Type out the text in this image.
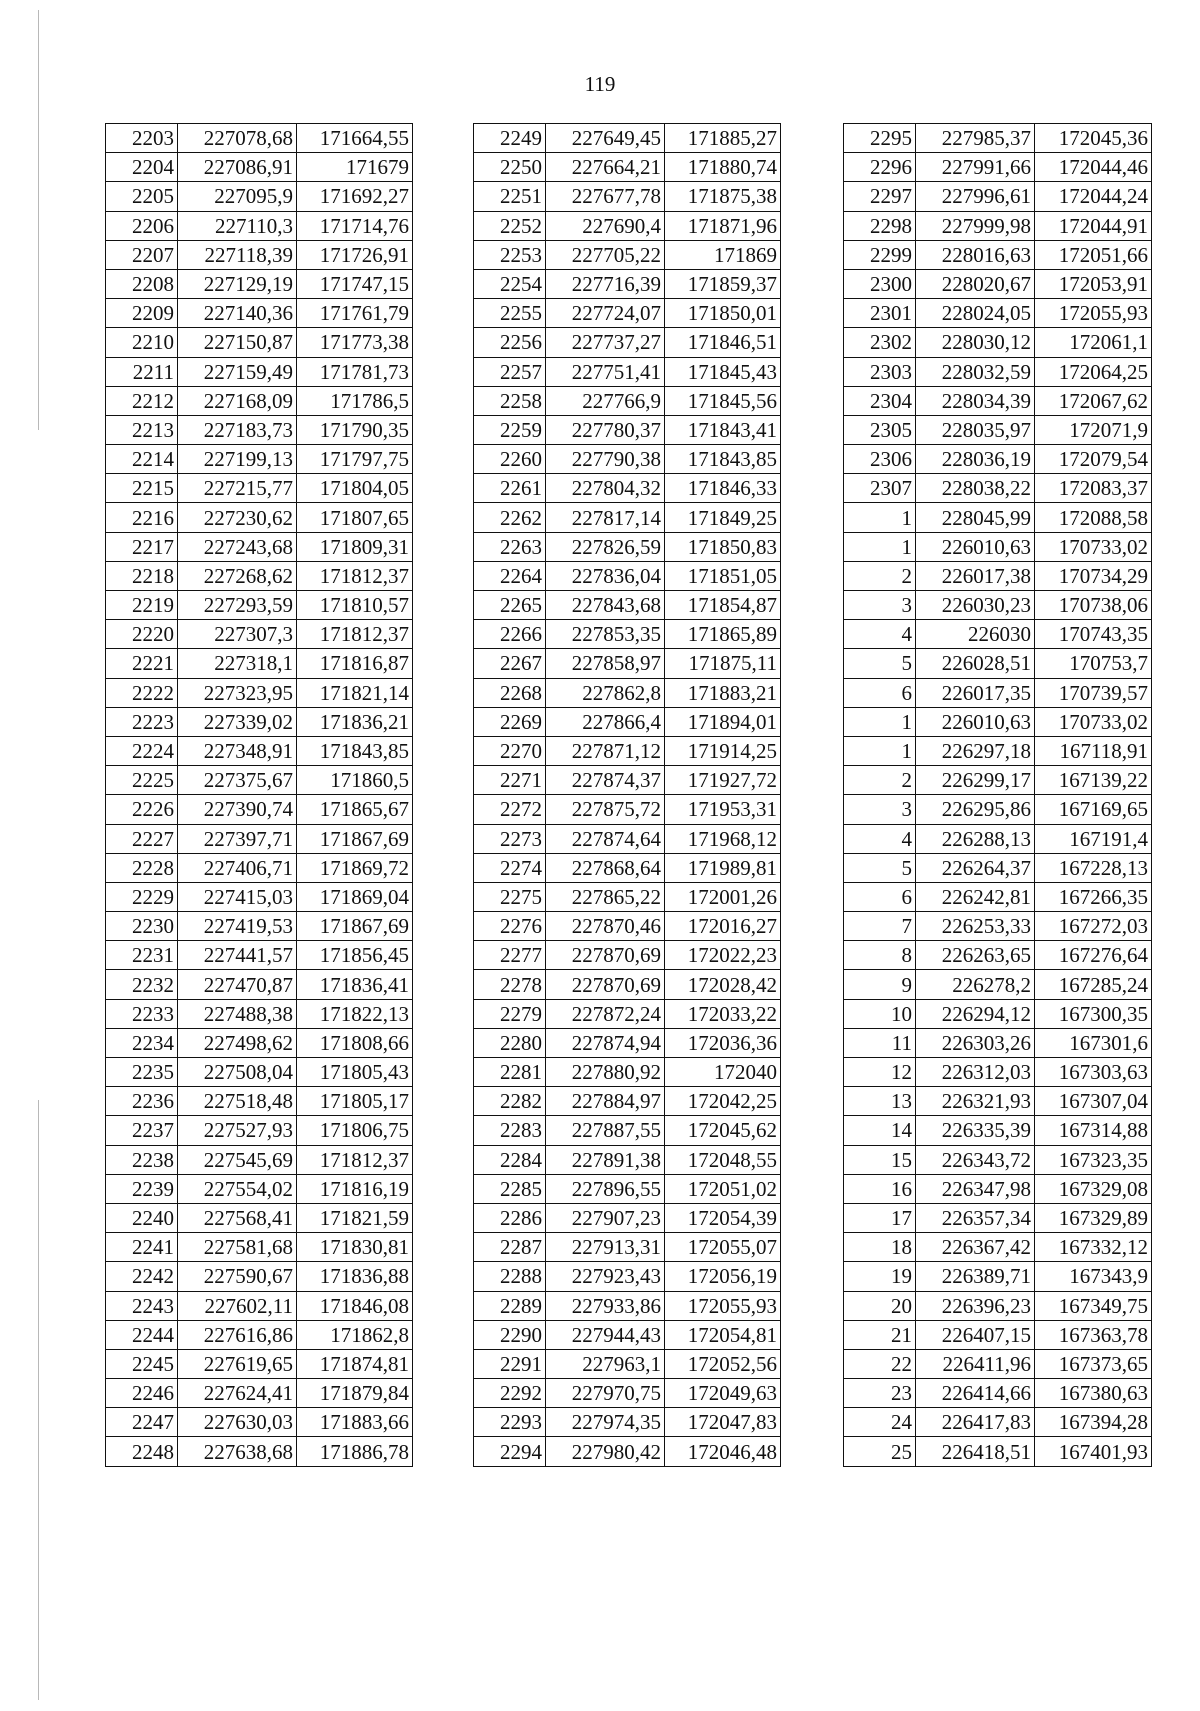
119
2203	227078,68	171664,55
2204	227086,91	171679
2205	227095,9	171692,27
2206	227110,3	171714,76
2207	227118,39	171726,91
2208	227129,19	171747,15
2209	227140,36	171761,79
2210	227150,87	171773,38
2211	227159,49	171781,73
2212	227168,09	171786,5
2213	227183,73	171790,35
2214	227199,13	171797,75
2215	227215,77	171804,05
2216	227230,62	171807,65
2217	227243,68	171809,31
2218	227268,62	171812,37
2219	227293,59	171810,57
2220	227307,3	171812,37
2221	227318,1	171816,87
2222	227323,95	171821,14
2223	227339,02	171836,21
2224	227348,91	171843,85
2225	227375,67	171860,5
2226	227390,74	171865,67
2227	227397,71	171867,69
2228	227406,71	171869,72
2229	227415,03	171869,04
2230	227419,53	171867,69
2231	227441,57	171856,45
2232	227470,87	171836,41
2233	227488,38	171822,13
2234	227498,62	171808,66
2235	227508,04	171805,43
2236	227518,48	171805,17
2237	227527,93	171806,75
2238	227545,69	171812,37
2239	227554,02	171816,19
2240	227568,41	171821,59
2241	227581,68	171830,81
2242	227590,67	171836,88
2243	227602,11	171846,08
2244	227616,86	171862,8
2245	227619,65	171874,81
2246	227624,41	171879,84
2247	227630,03	171883,66
2248	227638,68	171886,78
2249	227649,45	171885,27
2250	227664,21	171880,74
2251	227677,78	171875,38
2252	227690,4	171871,96
2253	227705,22	171869
2254	227716,39	171859,37
2255	227724,07	171850,01
2256	227737,27	171846,51
2257	227751,41	171845,43
2258	227766,9	171845,56
2259	227780,37	171843,41
2260	227790,38	171843,85
2261	227804,32	171846,33
2262	227817,14	171849,25
2263	227826,59	171850,83
2264	227836,04	171851,05
2265	227843,68	171854,87
2266	227853,35	171865,89
2267	227858,97	171875,11
2268	227862,8	171883,21
2269	227866,4	171894,01
2270	227871,12	171914,25
2271	227874,37	171927,72
2272	227875,72	171953,31
2273	227874,64	171968,12
2274	227868,64	171989,81
2275	227865,22	172001,26
2276	227870,46	172016,27
2277	227870,69	172022,23
2278	227870,69	172028,42
2279	227872,24	172033,22
2280	227874,94	172036,36
2281	227880,92	172040
2282	227884,97	172042,25
2283	227887,55	172045,62
2284	227891,38	172048,55
2285	227896,55	172051,02
2286	227907,23	172054,39
2287	227913,31	172055,07
2288	227923,43	172056,19
2289	227933,86	172055,93
2290	227944,43	172054,81
2291	227963,1	172052,56
2292	227970,75	172049,63
2293	227974,35	172047,83
2294	227980,42	172046,48
2295	227985,37	172045,36
2296	227991,66	172044,46
2297	227996,61	172044,24
2298	227999,98	172044,91
2299	228016,63	172051,66
2300	228020,67	172053,91
2301	228024,05	172055,93
2302	228030,12	172061,1
2303	228032,59	172064,25
2304	228034,39	172067,62
2305	228035,97	172071,9
2306	228036,19	172079,54
2307	228038,22	172083,37
1	228045,99	172088,58
1	226010,63	170733,02
2	226017,38	170734,29
3	226030,23	170738,06
4	226030	170743,35
5	226028,51	170753,7
6	226017,35	170739,57
1	226010,63	170733,02
1	226297,18	167118,91
2	226299,17	167139,22
3	226295,86	167169,65
4	226288,13	167191,4
5	226264,37	167228,13
6	226242,81	167266,35
7	226253,33	167272,03
8	226263,65	167276,64
9	226278,2	167285,24
10	226294,12	167300,35
11	226303,26	167301,6
12	226312,03	167303,63
13	226321,93	167307,04
14	226335,39	167314,88
15	226343,72	167323,35
16	226347,98	167329,08
17	226357,34	167329,89
18	226367,42	167332,12
19	226389,71	167343,9
20	226396,23	167349,75
21	226407,15	167363,78
22	226411,96	167373,65
23	226414,66	167380,63
24	226417,83	167394,28
25	226418,51	167401,93
